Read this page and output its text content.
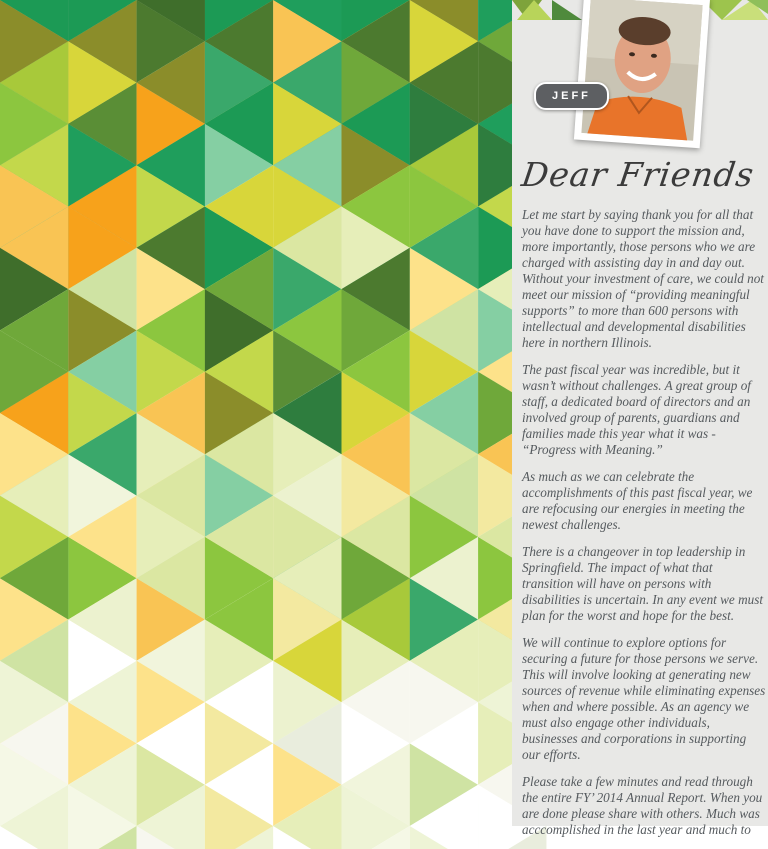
JEFF
Dear Friends

Let me start by saying thank you for all that you have done to support the mission and, more importantly, those persons who we are charged with assisting day in and day out. Without your investment of care, we could not meet our mission of “providing meaningful supports” to more than 600 persons with intellectual and developmental disabilities here in northern Illinois.

The past fiscal year was incredible, but it wasn’t without challenges. A great group of staff, a dedicated board of directors and an involved group of parents, guardians and families made this year what it was - “Progress with Meaning.”

As much as we can celebrate the accomplishments of this past fiscal year, we are refocusing our energies in meeting the newest challenges.

There is a changeover in top leadership in Springfield. The impact of what that transition will have on persons with disabilities is uncertain. In any event we must plan for the worst and hope for the best.

We will continue to explore options for securing a future for those persons we serve. This will involve looking at generating new sources of revenue while eliminating expenses when and where possible. As an agency we must also engage other individuals, businesses and corporations in supporting our efforts.

Please take a few minutes and read through the entire FY’ 2014 Annual Report. When you are done please share with others. Much was acccomplished in the last year and much to
